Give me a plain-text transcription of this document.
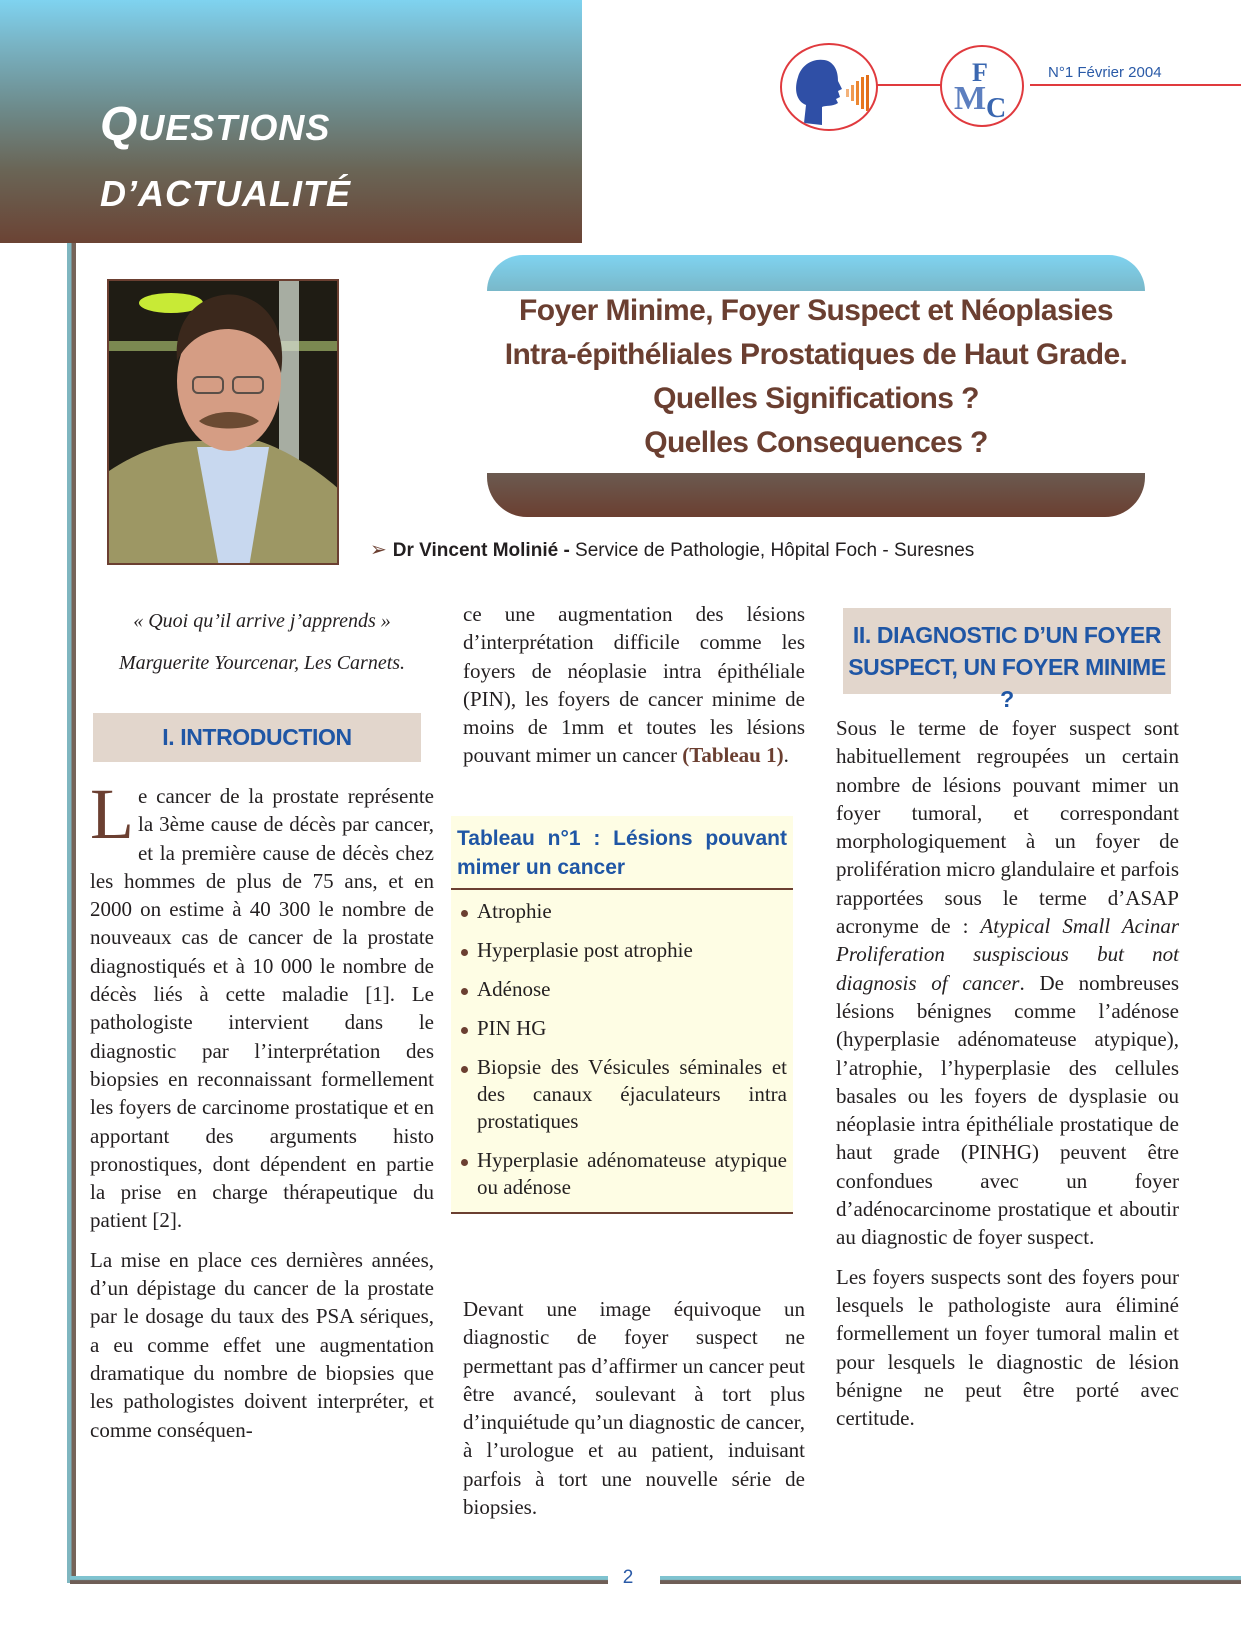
QUESTIONS
D’ACTUALITÉ
F
M C
N°1 Février 2004
Foyer Minime, Foyer Suspect et Néoplasies
Intra-épithéliales Prostatiques de Haut Grade.
Quelles Significations ?
Quelles Consequences ?
➢ Dr Vincent Molinié - Service de Pathologie, Hôpital Foch - Suresnes
« Quoi qu’il arrive j’apprends »
Marguerite Yourcenar, Les Carnets.
I. INTRODUCTION

Le cancer de la prostate représente la 3ème cause de décès par cancer, et la première cause de décès chez les hommes de plus de 75 ans, et en 2000 on estime à 40 300 le nombre de nouveaux cas de cancer de la prostate diagnostiqués et à 10 000 le nombre de décès liés à cette maladie [1]. Le pathologiste intervient dans le diagnostic par l’interprétation des biopsies en reconnaissant formellement les foyers de carcinome prostatique et en apportant des arguments histo pronostiques, dont dépendent en partie la prise en charge thérapeutique du patient [2].

La mise en place ces dernières années, d’un dépistage du cancer de la prostate par le dosage du taux des PSA sériques, a eu comme effet une augmentation dramatique du nombre de biopsies que les pathologistes doivent interpréter, et comme conséquen-

ce une augmentation des lésions d’interprétation difficile comme les foyers de néoplasie intra épithéliale (PIN), les foyers de cancer minime de moins de 1mm et toutes les lésions pouvant mimer un cancer (Tableau 1).

Tableau n°1 : Lésions pouvant mimer un cancer
Atrophie
Hyperplasie post atrophie
Adénose
PIN HG
Biopsie des Vésicules séminales et des canaux éjaculateurs intra prostatiques
Hyperplasie adénomateuse atypique ou adénose

Devant une image équivoque un diagnostic de foyer suspect ne permettant pas d’affirmer un cancer peut être avancé, soulevant à tort plus d’inquiétude qu’un diagnostic de cancer, à l’urologue et au patient, induisant parfois à tort une nouvelle série de biopsies.

II. DIAGNOSTIC D’UN FOYER
SUSPECT, UN FOYER MINIME ?

Sous le terme de foyer suspect sont habituellement regroupées un certain nombre de lésions pouvant mimer un foyer tumoral, et correspondant morphologiquement à un foyer de prolifération micro glandulaire et parfois rapportées sous le terme d’ASAP acronyme de : Atypical Small Acinar Proliferation suspiscious but not diagnosis of cancer. De nombreuses lésions bénignes comme l’adénose (hyperplasie adénomateuse atypique), l’atrophie, l’hyperplasie des cellules basales ou les foyers de dysplasie ou néoplasie intra épithéliale prostatique de haut grade (PINHG) peuvent être confondues avec un foyer d’adénocarcinome prostatique et aboutir au diagnostic de foyer suspect.

Les foyers suspects sont des foyers pour lesquels le pathologiste aura éliminé formellement un foyer tumoral malin et pour lesquels le diagnostic de lésion bénigne ne peut être porté avec certitude.

2
